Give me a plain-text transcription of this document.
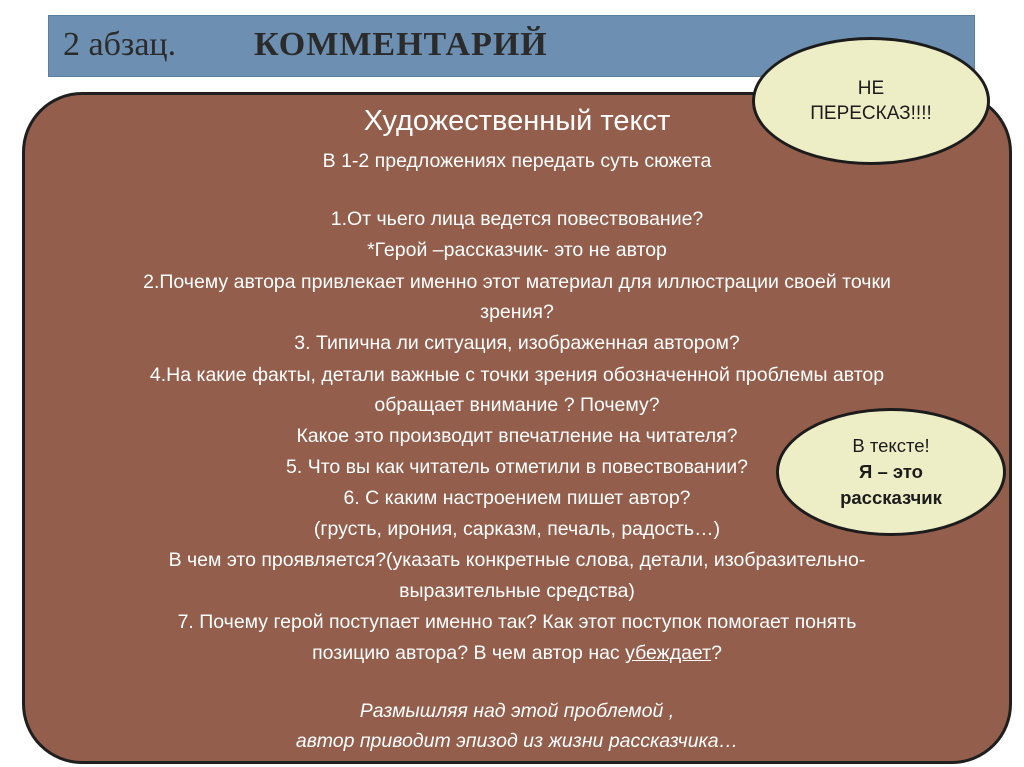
2 абзац. КОММЕНТАРИЙ
Художественный текст
В 1-2 предложениях передать суть сюжета
1.От чьего лица ведется повествование?
*Герой –рассказчик- это не автор
2.Почему автора привлекает именно этот материал для иллюстрации своей точки
зрения?
3. Типична ли ситуация, изображенная автором?
4.На какие факты, детали важные с точки зрения обозначенной проблемы автор
обращает внимание ? Почему?
Какое это производит впечатление на читателя?
5. Что вы как читатель отметили в повествовании?
6. С каким настроением пишет автор?
(грусть, ирония, сарказм, печаль, радость…)
В чем это проявляется?(указать конкретные слова, детали, изобразительно-
выразительные средства)
7. Почему герой поступает именно так? Как этот поступок помогает понять
позицию автора? В чем автор нас убеждает?
Размышляя над этой проблемой ,
автор приводит эпизод из жизни рассказчика…
НЕ
ПЕРЕСКАЗ!!!!
В тексте!
Я – это
рассказчик
